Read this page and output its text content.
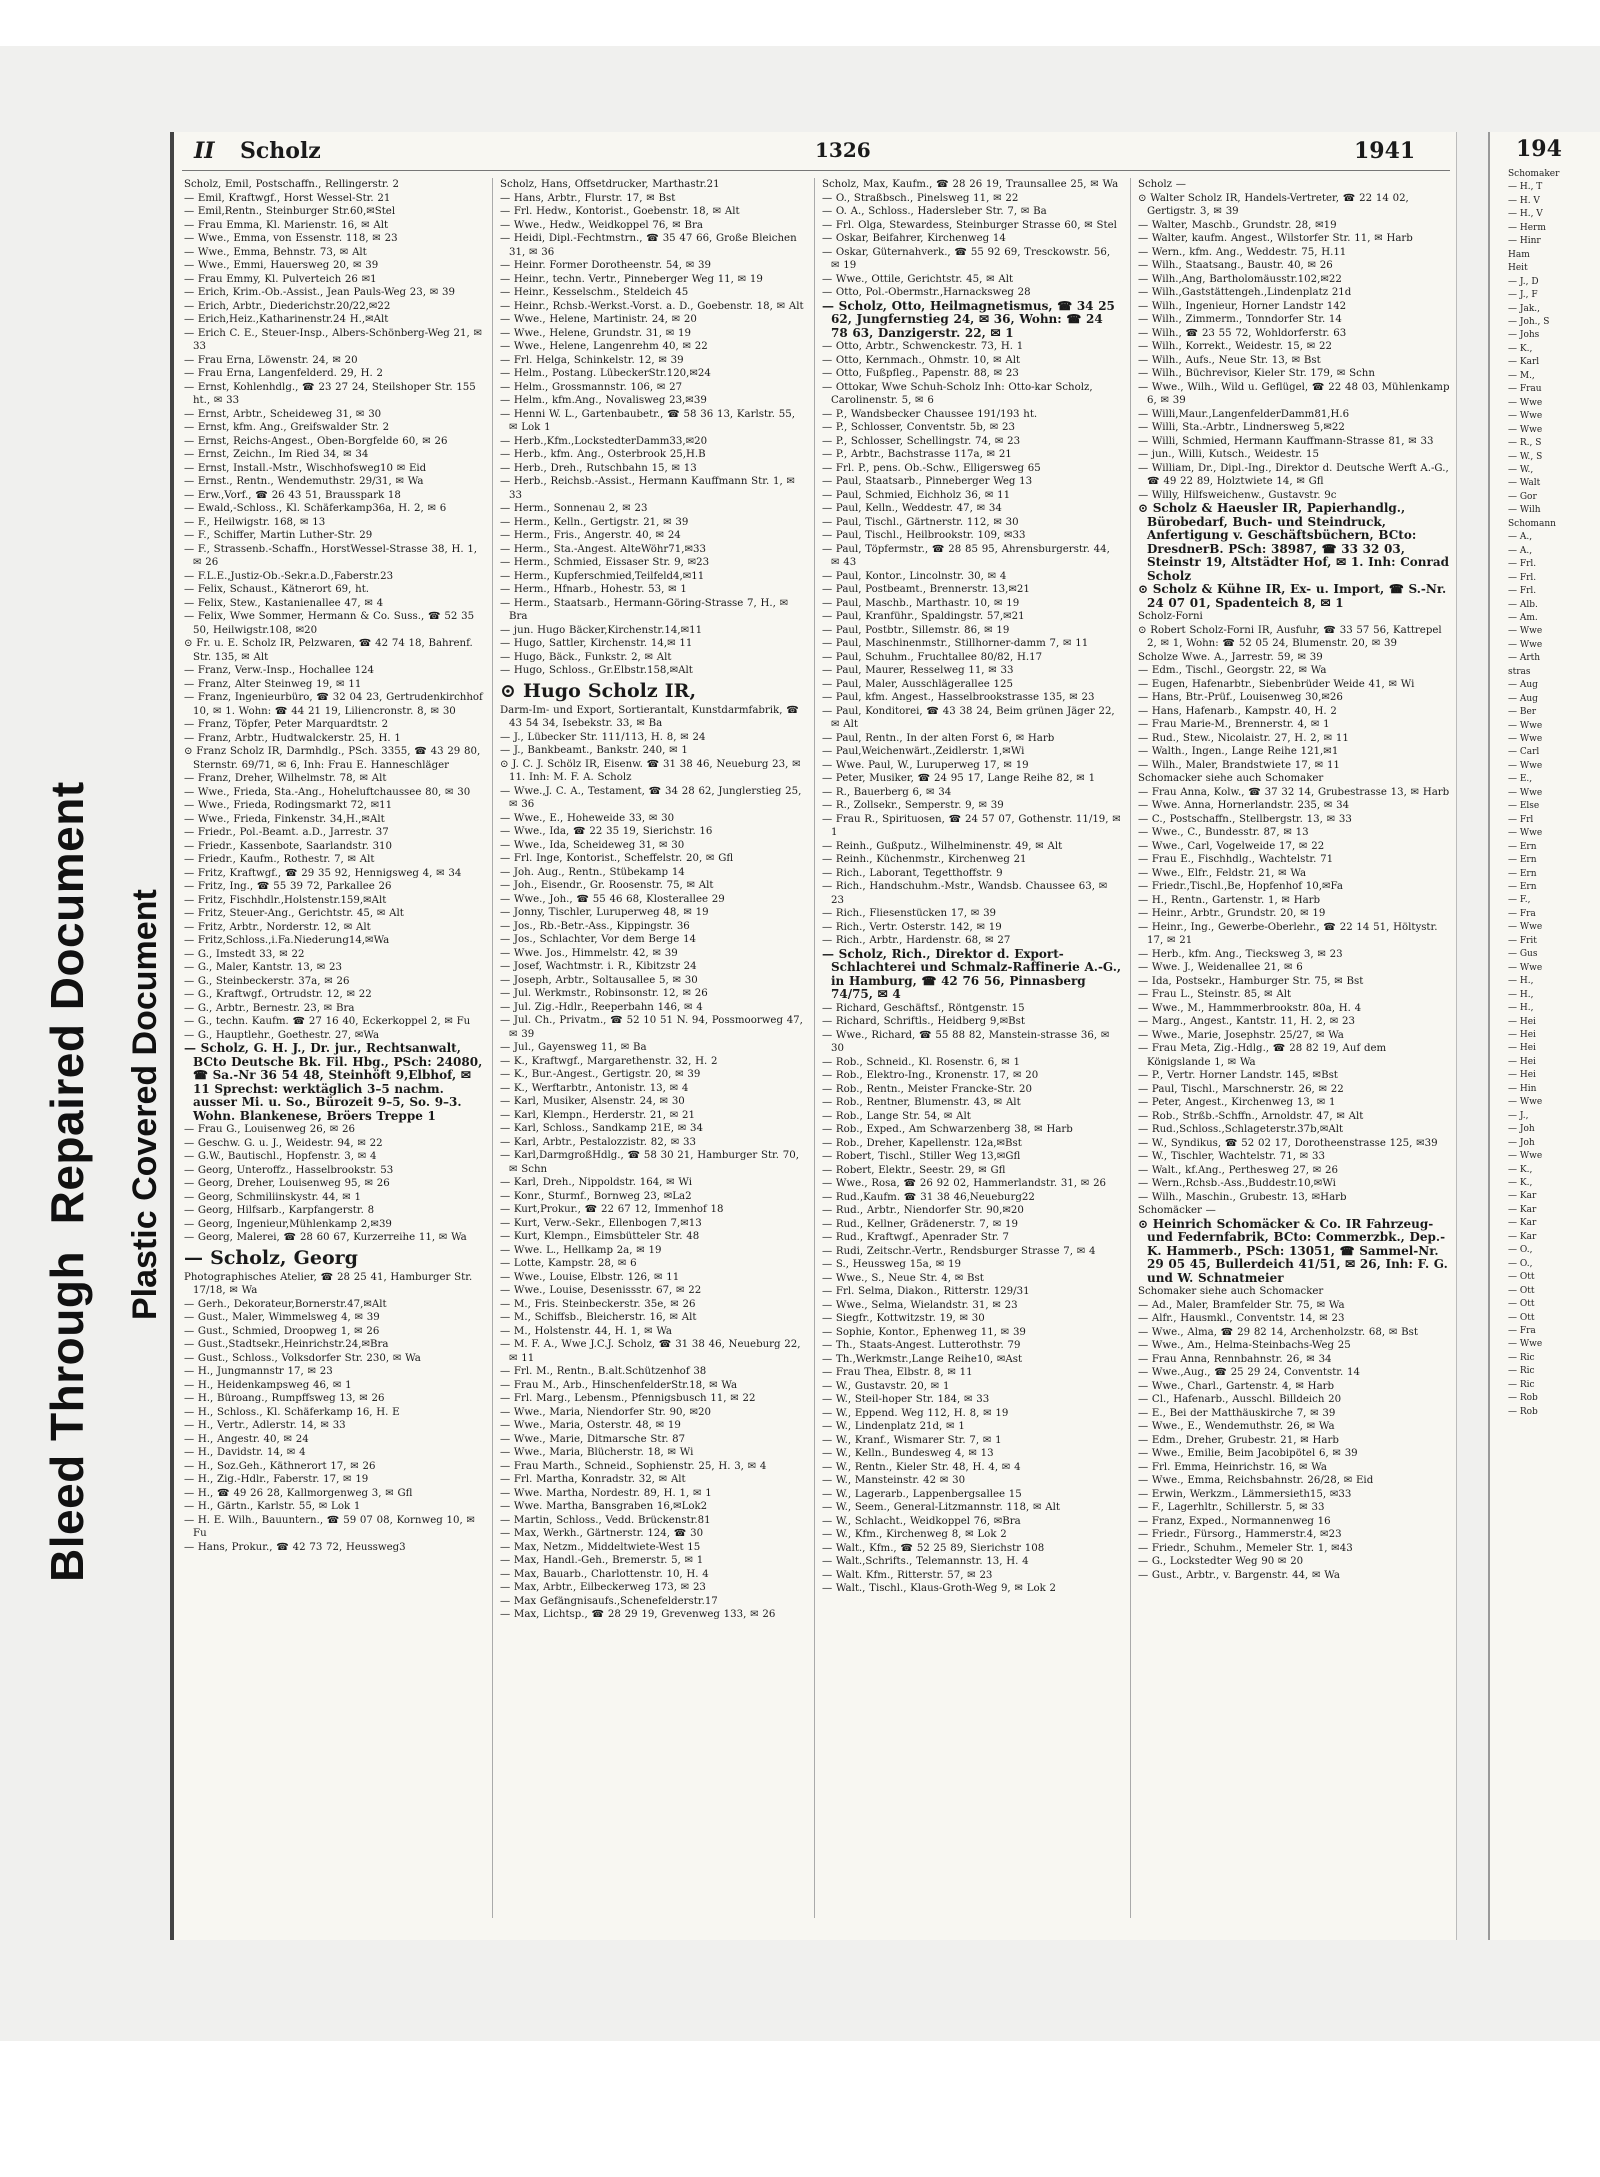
Bleed Through  Repaired Document Plastic Covered Document
II Scholz	1326	1941
Scholz, Emil, Postschaffn., Rellingerstr. 2
— Emil, Kraftwgf., Horst Wessel-Str. 21
— Emil,Rentn., Steinburger Str.60,✉Stel
— Frau Emma, Kl. Marienstr. 16, ✉ Alt
— Wwe., Emma, von Essenstr. 118, ✉ 23
— Wwe., Emma, Behnstr. 73, ✉ Alt
— Wwe., Emmi, Hauersweg 20, ✉ 39
— Frau Emmy, Kl. Pulverteich 26 ✉1
— Erich, Krim.-Ob.-Assist., Jean Pauls-Weg 23, ✉ 39
— Erich, Arbtr., Diederichstr.20/22,✉22
— Erich,Heiz.,Katharinenstr.24 H.,✉Alt
— Erich C. E., Steuer-Insp., Albers-Schönberg-Weg 21, ✉ 33
— Frau Erna, Löwenstr. 24, ✉ 20
— Frau Erna, Langenfelderd. 29, H. 2
— Ernst, Kohlenhdlg., ☎ 23 27 24, Steilshoper Str. 155 ht., ✉ 33
— Ernst, Arbtr., Scheideweg 31, ✉ 30
— Ernst, kfm. Ang., Greifswalder Str. 2
— Ernst, Reichs-Angest., Oben-Borgfelde 60, ✉ 26
— Ernst, Zeichn., Im Ried 34, ✉ 34
— Ernst, Install.-Mstr., Wischhofsweg10 ✉ Eid
— Ernst., Rentn., Wendemuthstr. 29/31, ✉ Wa
— Erw.,Vorf., ☎ 26 43 51, Brausspark 18
— Ewald,-Schloss., Kl. Schäferkamp36a, H. 2, ✉ 6
— F., Heilwigstr. 168, ✉ 13
— F., Schiffer, Martin Luther-Str. 29
— F., Strassenb.-Schaffn., HorstWessel-Strasse 38, H. 1, ✉ 26
— F.L.E.,Justiz-Ob.-Sekr.a.D.,Faberstr.23
— Felix, Schaust., Kätnerort 69, ht.
— Felix, Stew., Kastanienallee 47, ✉ 4
— Felix, Wwe Sommer, Hermann & Co. Suss., ☎ 52 35 50, Heilwigstr.108, ✉20
⊙ Fr. u. E. Scholz IR, Pelzwaren, ☎ 42 74 18, Bahrenf. Str. 135, ✉ Alt
— Franz, Verw.-Insp., Hochallee 124
— Franz, Alter Steinweg 19, ✉ 11
— Franz, Ingenieurbüro, ☎ 32 04 23, Gertrudenkirchhof 10, ✉ 1. Wohn: ☎ 44 21 19, Liliencronstr. 8, ✉ 30
— Franz, Töpfer, Peter Marquardtstr. 2
— Franz, Arbtr., Hudtwalckerstr. 25, H. 1
⊙ Franz Scholz IR, Darmhdlg., PSch. 3355, ☎ 43 29 80, Sternstr. 69/71, ✉ 6, Inh: Frau E. Hanneschläger
— Franz, Dreher, Wilhelmstr. 78, ✉ Alt
— Wwe., Frieda, Sta.-Ang., Hoheluftchaussee 80, ✉ 30
— Wwe., Frieda, Rodingsmarkt 72, ✉11
— Wwe., Frieda, Finkenstr. 34,H.,✉Alt
— Friedr., Pol.-Beamt. a.D., Jarrestr. 37
— Friedr., Kassenbote, Saarlandstr. 310
— Friedr., Kaufm., Rothestr. 7, ✉ Alt
— Fritz, Kraftwgf., ☎ 29 35 92, Hennigsweg 4, ✉ 34
— Fritz, Ing., ☎ 55 39 72, Parkallee 26
— Fritz, Fischhdlr.,Holstenstr.159,✉Alt
— Fritz, Steuer-Ang., Gerichtstr. 45, ✉ Alt
— Fritz, Arbtr., Norderstr. 12, ✉ Alt
— Fritz,Schloss.,i.Fa.Niederung14,✉Wa
— G., Imstedt 33, ✉ 22
— G., Maler, Kantstr. 13, ✉ 23
— G., Steinbeckerstr. 37a, ✉ 26
— G., Kraftwgf., Ortrudstr. 12, ✉ 22
— G., Arbtr., Bernestr. 23, ✉ Bra
— G., techn. Kaufm. ☎ 27 16 40, Eckerkoppel 2, ✉ Fu
— G., Hauptlehr., Goethestr. 27, ✉Wa
— Scholz, G. H. J., Dr. jur., Rechtsanwalt, BCto Deutsche Bk. Fil. Hbg., PSch: 24080, ☎ Sa.-Nr 36 54 48, Steinhöft 9,Elbhof, ✉ 11 Sprechst: werktäglich 3–5 nachm. ausser Mi. u. So., Bürozeit 9–5, So. 9–3. Wohn. Blankenese, Bröers Treppe 1
— Frau G., Louisenweg 26, ✉ 26
— Geschw. G. u. J., Weidestr. 94, ✉ 22
— G.W., Bautischl., Hopfenstr. 3, ✉ 4
— Georg, Unteroffz., Hasselbrookstr. 53
— Georg, Dreher, Louisenweg 95, ✉ 26
— Georg, Schmiliinskystr. 44, ✉ 1
— Georg, Hilfsarb., Karpfangerstr. 8
— Georg, Ingenieur,Mühlenkamp 2,✉39
— Georg, Malerei, ☎ 28 60 67, Kurzerreihe 11, ✉ Wa
— Scholz, Georg
Photographisches Atelier, ☎ 28 25 41, Hamburger Str. 17/18, ✉ Wa
— Gerh., Dekorateur,Bornerstr.47,✉Alt
— Gust., Maler, Wimmelsweg 4, ✉ 39
— Gust., Schmied, Droopweg 1, ✉ 26
— Gust.,Stadtsekr.,Heinrichstr.24,✉Bra
— Gust., Schloss., Volksdorfer Str. 230, ✉ Wa
— H., Jungmannstr 17, ✉ 23
— H., Heidenkampsweg 46, ✉ 1
— H., Büroang., Rumpffsweg 13, ✉ 26
— H., Schloss., Kl. Schäferkamp 16, H. E
— H., Vertr., Adlerstr. 14, ✉ 33
— H., Angestr. 40, ✉ 24
— H., Davidstr. 14, ✉ 4
— H., Soz.Geh., Käthnerort 17, ✉ 26
— H., Zig.-Hdlr., Faberstr. 17, ✉ 19
— H., ☎ 49 26 28, Kallmorgenweg 3, ✉ Gfl
— H., Gärtn., Karlstr. 55, ✉ Lok 1
— H. E. Wilh., Bauuntern., ☎ 59 07 08, Kornweg 10, ✉ Fu
— Hans, Prokur., ☎ 42 73 72, Heussweg3
Scholz, Hans, Offsetdrucker, Marthastr.21
— Hans, Arbtr., Flurstr. 17, ✉ Bst
— Frl. Hedw., Kontorist., Goebenstr. 18, ✉ Alt
— Wwe., Hedw., Weidkoppel 76, ✉ Bra
— Heidi, Dipl.-Fechtmstrn., ☎ 35 47 66, Große Bleichen 31, ✉ 36
— Heinr. Former Dorotheenstr. 54, ✉ 39
— Heinr., techn. Vertr., Pinneberger Weg 11, ✉ 19
— Heinr., Kesselschm., Steldeich 45
— Heinr., Rchsb.-Werkst.-Vorst. a. D., Goebenstr. 18, ✉ Alt
— Wwe., Helene, Martinistr. 24, ✉ 20
— Wwe., Helene, Grundstr. 31, ✉ 19
— Wwe., Helene, Langenrehm 40, ✉ 22
— Frl. Helga, Schinkelstr. 12, ✉ 39
— Helm., Postang. LübeckerStr.120,✉24
— Helm., Grossmannstr. 106, ✉ 27
— Helm., kfm.Ang., Novalisweg 23,✉39
— Henni W. L., Gartenbaubetr., ☎ 58 36 13, Karlstr. 55, ✉ Lok 1
— Herb.,Kfm.,LockstedterDamm33,✉20
— Herb., kfm. Ang., Osterbrook 25,H.B
— Herb., Dreh., Rutschbahn 15, ✉ 13
— Herb., Reichsb.-Assist., Hermann Kauffmann Str. 1, ✉ 33
— Herm., Sonnenau 2, ✉ 23
— Herm., Kelln., Gertigstr. 21, ✉ 39
— Herm., Fris., Angerstr. 40, ✉ 24
— Herm., Sta.-Angest. AlteWöhr71,✉33
— Herm., Schmied, Eissaser Str. 9, ✉23
— Herm., Kupferschmied,Teilfeld4,✉11
— Herm., Hfnarb., Hohestr. 53, ✉ 1
— Herm., Staatsarb., Hermann-Göring-Strasse 7, H., ✉ Bra
— jun. Hugo Bäcker,Kirchenstr.14,✉11
— Hugo, Sattler, Kirchenstr. 14,✉ 11
— Hugo, Bäck., Funkstr. 2, ✉ Alt
— Hugo, Schloss., Gr.Elbstr.158,✉Alt
⊙ Hugo Scholz IR,
Darm-Im- und Export, Sortierantalt, Kunstdarmfabrik, ☎ 43 54 34, Isebekstr. 33, ✉ Ba
— J., Lübecker Str. 111/113, H. 8, ✉ 24
— J., Bankbeamt., Bankstr. 240, ✉ 1
⊙ J. C. J. Schölz IR, Eisenw. ☎ 31 38 46, Neueburg 23, ✉ 11. Inh: M. F. A. Scholz
— Wwe.,J. C. A., Testament, ☎ 34 28 62, Junglerstieg 25, ✉ 36
— Wwe., E., Hoheweide 33, ✉ 30
— Wwe., Ida, ☎ 22 35 19, Sierichstr. 16
— Wwe., Ida, Scheideweg 31, ✉ 30
— Frl. Inge, Kontorist., Scheffelstr. 20, ✉ Gfl
— Joh. Aug., Rentn., Stübekamp 14
— Joh., Eisendr., Gr. Roosenstr. 75, ✉ Alt
— Wwe., Joh., ☎ 55 46 68, Klosterallee 29
— Jonny, Tischler, Luruperweg 48, ✉ 19
— Jos., Rb.-Betr.-Ass., Kippingstr. 36
— Jos., Schlachter, Vor dem Berge 14
— Wwe. Jos., Himmelstr. 42, ✉ 39
— Josef, Wachtmstr. i. R., Kibitzstr 24
— Joseph, Arbtr., Soltausallee 5, ✉ 30
— Jul. Werkmstr., Robinsonstr. 12, ✉ 26
— Jul. Zig.-Hdlr., Reeperbahn 146, ✉ 4
— Jul. Ch., Privatm., ☎ 52 10 51 N. 94, Possmoorweg 47, ✉ 39
— Jul., Gayensweg 11, ✉ Ba
— K., Kraftwgf., Margarethenstr. 32, H. 2
— K., Bur.-Angest., Gertigstr. 20, ✉ 39
— K., Werftarbtr., Antonistr. 13, ✉ 4
— Karl, Musiker, Alsenstr. 24, ✉ 30
— Karl, Klempn., Herderstr. 21, ✉ 21
— Karl, Schloss., Sandkamp 21E, ✉ 34
— Karl, Arbtr., Pestalozzistr. 82, ✉ 33
— Karl,DarmgroßHdlg., ☎ 58 30 21, Hamburger Str. 70, ✉ Schn
— Karl, Dreh., Nippoldstr. 164, ✉ Wi
— Konr., Sturmf., Bornweg 23, ✉La2
— Kurt,Prokur., ☎ 22 67 12, Immenhof 18
— Kurt, Verw.-Sekr., Ellenbogen 7,✉13
— Kurt, Klempn., Eimsbütteler Str. 48
— Wwe. L., Hellkamp 2a, ✉ 19
— Lotte, Kampstr. 28, ✉ 6
— Wwe., Louise, Elbstr. 126, ✉ 11
— Wwe., Louise, Desenissstr. 67, ✉ 22
— M., Fris. Steinbeckerstr. 35e, ✉ 26
— M., Schiffsb., Bleicherstr. 16, ✉ Alt
— M., Holstenstr. 44, H. 1, ✉ Wa
— M. F. A., Wwe J.C.J. Scholz, ☎ 31 38 46, Neueburg 22, ✉ 11
— Frl. M., Rentn., B.alt.Schützenhof 38
— Frau M., Arb., HinschenfelderStr.18, ✉ Wa
— Frl. Marg., Lebensm., Pfennigsbusch 11, ✉ 22
— Wwe., Maria, Niendorfer Str. 90, ✉20
— Wwe., Maria, Osterstr. 48, ✉ 19
— Wwe., Marie, Ditmarsche Str. 87
— Wwe., Maria, Blücherstr. 18, ✉ Wi
— Frau Marth., Schneid., Sophienstr. 25, H. 3, ✉ 4
— Frl. Martha, Konradstr. 32, ✉ Alt
— Wwe. Martha, Nordestr. 89, H. 1, ✉ 1
— Wwe. Martha, Bansgraben 16,✉Lok2
— Martin, Schloss., Vedd. Brückenstr.81
— Max, Werkh., Gärtnerstr. 124, ☎ 30
— Max, Netzm., Middeltwiete-West 15
— Max, Handl.-Geh., Bremerstr. 5, ✉ 1
— Max, Bauarb., Charlottenstr. 10, H. 4
— Max, Arbtr., Eilbeckerweg 173, ✉ 23
— Max Gefängnisaufs.,Schenefelderstr.17
— Max, Lichtsp., ☎ 28 29 19, Grevenweg 133, ✉ 26
Scholz, Max, Kaufm., ☎ 28 26 19, Traunsallee 25, ✉ Wa
— O., Straßbsch., Pinelsweg 11, ✉ 22
— O. A., Schloss., Hadersleber Str. 7, ✉ Ba
— Frl. Olga, Stewardess, Steinburger Strasse 60, ✉ Stel
— Oskar, Beifahrer, Kirchenweg 14
— Oskar, Güternahverk., ☎ 55 92 69, Tresckowstr. 56, ✉ 19
— Wwe., Ottile, Gerichtstr. 45, ✉ Alt
— Otto, Pol.-Obermstr.,Harnacksweg 28
— Scholz, Otto, Heilmagnetismus, ☎ 34 25 62, Jungfernstieg 24, ✉ 36, Wohn: ☎ 24 78 63, Danzigerstr. 22, ✉ 1
— Otto, Arbtr., Schwenckestr. 73, H. 1
— Otto, Kernmach., Ohmstr. 10, ✉ Alt
— Otto, Fußpfleg., Papenstr. 88, ✉ 23
— Ottokar, Wwe Schuh-Scholz Inh: Otto-kar Scholz, Carolinenstr. 5, ✉ 6
— P., Wandsbecker Chaussee 191/193 ht.
— P., Schlosser, Conventstr. 5b, ✉ 23
— P., Schlosser, Schellingstr. 74, ✉ 23
— P., Arbtr., Bachstrasse 117a, ✉ 21
— Frl. P., pens. Ob.-Schw., Elligersweg 65
— Paul, Staatsarb., Pinneberger Weg 13
— Paul, Schmied, Eichholz 36, ✉ 11
— Paul, Kelln., Weddestr. 47, ✉ 34
— Paul, Tischl., Gärtnerstr. 112, ✉ 30
— Paul, Tischl., Heilbrookstr. 109, ✉33
— Paul, Töpfermstr., ☎ 28 85 95, Ahrensburgerstr. 44, ✉ 43
— Paul, Kontor., Lincolnstr. 30, ✉ 4
— Paul, Postbeamt., Brennerstr. 13,✉21
— Paul, Maschb., Marthastr. 10, ✉ 19
— Paul, Kranführ., Spaldingstr. 57,✉21
— Paul, Postbtr., Sillemstr. 86, ✉ 19
— Paul, Maschinenmstr., Stillhorner-damm 7, ✉ 11
— Paul, Schuhm., Fruchtallee 80/82, H.17
— Paul, Maurer, Resselweg 11, ✉ 33
— Paul, Maler, Ausschlägerallee 125
— Paul, kfm. Angest., Hasselbrookstrasse 135, ✉ 23
— Paul, Konditorei, ☎ 43 38 24, Beim grünen Jäger 22, ✉ Alt
— Paul, Rentn., In der alten Forst 6, ✉ Harb
— Paul,Weichenwärt.,Zeidlerstr. 1,✉Wi
— Wwe. Paul, W., Luruperweg 17, ✉ 19
— Peter, Musiker, ☎ 24 95 17, Lange Reihe 82, ✉ 1
— R., Bauerberg 6, ✉ 34
— R., Zollsekr., Semperstr. 9, ✉ 39
— Frau R., Spirituosen, ☎ 24 57 07, Gothenstr. 11/19, ✉ 1
— Reinh., Gußputz., Wilhelminenstr. 49, ✉ Alt
— Reinh., Küchenmstr., Kirchenweg 21
— Rich., Laborant, Tegetthoffstr. 9
— Rich., Handschuhm.-Mstr., Wandsb. Chaussee 63, ✉ 23
— Rich., Fliesenstücken 17, ✉ 39
— Rich., Vertr. Osterstr. 142, ✉ 19
— Rich., Arbtr., Hardenstr. 68, ✉ 27
— Scholz, Rich., Direktor d. Export-Schlachterei und Schmalz-Raffinerie A.-G., in Hamburg, ☎ 42 76 56, Pinnasberg 74/75, ✉ 4
— Richard, Geschäftsf., Röntgenstr. 15
— Richard, Schriftls., Heidberg 9,✉Bst
— Wwe., Richard, ☎ 55 88 82, Manstein-strasse 36, ✉ 30
— Rob., Schneid., Kl. Rosenstr. 6, ✉ 1
— Rob., Elektro-Ing., Kronenstr. 17, ✉ 20
— Rob., Rentn., Meister Francke-Str. 20
— Rob., Rentner, Blumenstr. 43, ✉ Alt
— Rob., Lange Str. 54, ✉ Alt
— Rob., Exped., Am Schwarzenberg 38, ✉ Harb
— Rob., Dreher, Kapellenstr. 12a,✉Bst
— Robert, Tischl., Stiller Weg 13,✉Gfl
— Robert, Elektr., Seestr. 29, ✉ Gfl
— Wwe., Rosa, ☎ 26 92 02, Hammerlandstr. 31, ✉ 26
— Rud.,Kaufm. ☎ 31 38 46,Neueburg22
— Rud., Arbtr., Niendorfer Str. 90,✉20
— Rud., Kellner, Grädenerstr. 7, ✉ 19
— Rud., Kraftwgf., Apenrader Str. 7
— Rudi, Zeitschr.-Vertr., Rendsburger Strasse 7, ✉ 4
— S., Heussweg 15a, ✉ 19
— Wwe., S., Neue Str. 4, ✉ Bst
— Frl. Selma, Diakon., Ritterstr. 129/31
— Wwe., Selma, Wielandstr. 31, ✉ 23
— Siegfr., Kottwitzstr. 19, ✉ 30
— Sophie, Kontor., Ephenweg 11, ✉ 39
— Th., Staats-Angest. Lutterothstr. 79
— Th.,Werkmstr.,Lange Reihe10, ✉Ast
— Frau Thea, Elbstr. 8, ✉ 11
— W., Gustavstr. 20, ✉ 1
— W., Steil-hoper Str. 184, ✉ 33
— W., Eppend. Weg 112, H. 8, ✉ 19
— W., Lindenplatz 21d, ✉ 1
— W., Kranf., Wismarer Str. 7, ✉ 1
— W., Kelln., Bundesweg 4, ✉ 13
— W., Rentn., Kieler Str. 48, H. 4, ✉ 4
— W., Mansteinstr. 42 ✉ 30
— W., Lagerarb., Lappenbergsallee 15
— W., Seem., General-Litzmannstr. 118, ✉ Alt
— W., Schlacht., Weidkoppel 76, ✉Bra
— W., Kfm., Kirchenweg 8, ✉ Lok 2
— Walt., Kfm., ☎ 52 25 89, Sierichstr 108
— Walt.,Schrifts., Telemannstr. 13, H. 4
— Walt. Kfm., Ritterstr. 57, ✉ 23
— Walt., Tischl., Klaus-Groth-Weg 9, ✉ Lok 2
Scholz —
⊙ Walter Scholz IR, Handels-Vertreter, ☎ 22 14 02, Gertigstr. 3, ✉ 39
— Walter, Maschb., Grundstr. 28, ✉19
— Walter, kaufm. Angest., Wilstorfer Str. 11, ✉ Harb
— Wern., kfm. Ang., Weddestr. 75, H.11
— Wilh., Staatsang., Baustr. 40, ✉ 26
— Wilh.,Ang, Bartholomäusstr.102,✉22
— Wilh.,Gaststättengeh.,Lindenplatz 21d
— Wilh., Ingenieur, Horner Landstr 142
— Wilh., Zimmerm., Tonndorfer Str. 14
— Wilh., ☎ 23 55 72, Wohldorferstr. 63
— Wilh., Korrekt., Weidestr. 15, ✉ 22
— Wilh., Aufs., Neue Str. 13, ✉ Bst
— Wilh., Büchrevisor, Kieler Str. 179, ✉ Schn
— Wwe., Wilh., Wild u. Geflügel, ☎ 22 48 03, Mühlenkamp 6, ✉ 39
— Willi,Maur.,LangenfelderDamm81,H.6
— Willi, Sta.-Arbtr., Lindnersweg 5,✉22
— Willi, Schmied, Hermann Kauffmann-Strasse 81, ✉ 33
— jun., Willi, Kutsch., Weidestr. 15
— William, Dr., Dipl.-Ing., Direktor d. Deutsche Werft A.-G., ☎ 49 22 89, Holztwiete 14, ✉ Gfl
— Willy, Hilfsweichenw., Gustavstr. 9c
⊙ Scholz & Haeusler IR, Papierhandlg., Bürobedarf, Buch- und Steindruck, Anfertigung v. Geschäftsbüchern, BCto: DresdnerB. PSch: 38987, ☎ 33 32 03, Steinstr 19, Altstädter Hof, ✉ 1. Inh: Conrad Scholz
⊙ Scholz & Kühne IR, Ex- u. Import, ☎ S.-Nr. 24 07 01, Spadenteich 8, ✉ 1
Scholz-Forni
⊙ Robert Scholz-Forni IR, Ausfuhr, ☎ 33 57 56, Kattrepel 2, ✉ 1, Wohn: ☎ 52 05 24, Blumenstr. 20, ✉ 39
Scholze Wwe. A., Jarrestr. 59, ✉ 39
— Edm., Tischl., Georgstr. 22, ✉ Wa
— Eugen, Hafenarbtr., Siebenbrüder Weide 41, ✉ Wi
— Hans, Btr.-Prüf., Louisenweg 30,✉26
— Hans, Hafenarb., Kampstr. 40, H. 2
— Frau Marie-M., Brennerstr. 4, ✉ 1
— Rud., Stew., Nicolaistr. 27, H. 2, ✉ 11
— Walth., Ingen., Lange Reihe 121,✉1
— Wilh., Maler, Brandstwiete 17, ✉ 11
Schomacker siehe auch Schomaker
— Frau Anna, Kolw., ☎ 37 32 14, Grubestrasse 13, ✉ Harb
— Wwe. Anna, Hornerlandstr. 235, ✉ 34
— C., Postschaffn., Stellbergstr. 13, ✉ 33
— Wwe., C., Bundesstr. 87, ✉ 13
— Wwe., Carl, Vogelweide 17, ✉ 22
— Frau E., Fischhdlg., Wachtelstr. 71
— Wwe., Elfr., Feldstr. 21, ✉ Wa
— Friedr.,Tischl.,Be, Hopfenhof 10,✉Fa
— H., Rentn., Gartenstr. 1, ✉ Harb
— Heinr., Arbtr., Grundstr. 20, ✉ 19
— Heinr., Ing., Gewerbe-Oberlehr., ☎ 22 14 51, Höltystr. 17, ✉ 21
— Herb., kfm. Ang., Tiecksweg 3, ✉ 23
— Wwe. J., Weidenallee 21, ✉ 6
— Ida, Postsekr., Hamburger Str. 75, ✉ Bst
— Frau L., Steinstr. 85, ✉ Alt
— Wwe., M., Hammmerbrookstr. 80a, H. 4
— Marg., Angest., Kantstr. 11, H. 2, ✉ 23
— Wwe., Marie, Josephstr. 25/27, ✉ Wa
— Frau Meta, Zig.-Hdlg., ☎ 28 82 19, Auf dem Königslande 1, ✉ Wa
— P., Vertr. Horner Landstr. 145, ✉Bst
— Paul, Tischl., Marschnerstr. 26, ✉ 22
— Peter, Angest., Kirchenweg 13, ✉ 1
— Rob., Strßb.-Schffn., Arnoldstr. 47, ✉ Alt
— Rud.,Schloss.,Schlageterstr.37b,✉Alt
— W., Syndikus, ☎ 52 02 17, Dorotheenstrasse 125, ✉39
— W., Tischler, Wachtelstr. 71, ✉ 33
— Walt., kf.Ang., Perthesweg 27, ✉ 26
— Wern.,Rchsb.-Ass.,Buddestr.10,✉Wi
— Wilh., Maschin., Grubestr. 13, ✉Harb
Schomäcker —
⊙ Heinrich Schomäcker & Co. IR Fahrzeug- und Federnfabrik, BCto: Commerzbk., Dep.-K. Hammerb., PSch: 13051, ☎ Sammel-Nr. 29 05 45, Bullerdeich 41/51, ✉ 26, Inh: F. G. und W. Schnatmeier
Schomaker siehe auch Schomacker
— Ad., Maler, Bramfelder Str. 75, ✉ Wa
— Alfr., Hausmkl., Conventstr. 14, ✉ 23
— Wwe., Alma, ☎ 29 82 14, Archenholzstr. 68, ✉ Bst
— Wwe., Am., Helma-Steinbachs-Weg 25
— Frau Anna, Rennbahnstr. 26, ✉ 34
— Wwe.,Aug., ☎ 25 29 24, Conventstr. 14
— Wwe., Charl., Gartenstr. 4, ✉ Harb
— Cl., Hafenarb., Ausschl. Billdeich 20
— E., Bei der Matthäuskirche 7, ✉ 39
— Wwe., E., Wendemuthstr. 26, ✉ Wa
— Edm., Dreher, Grubestr. 21, ✉ Harb
— Wwe., Emilie, Beim Jacobipötel 6, ✉ 39
— Frl. Emma, Heinrichstr. 16, ✉ Wa
— Wwe., Emma, Reichsbahnstr. 26/28, ✉ Eid
— Erwin, Werkzm., Lämmersieth15, ✉33
— F., Lagerhltr., Schillerstr. 5, ✉ 33
— Franz, Exped., Normannenweg 16
— Friedr., Fürsorg., Hammerstr.4, ✉23
— Friedr., Schuhm., Memeler Str. 1, ✉43
— G., Lockstedter Weg 90 ✉ 20
— Gust., Arbtr., v. Bargenstr. 44, ✉ Wa
194
Schomaker
— H., T
— H. V
— H., V
— Herm
— Hinr
Ham
Heit
— J., D
— J., F
— Jak.,
— Joh., S
— Johs
— K.,
— Karl
— M.,
— Frau
— Wwe
— Wwe
— Wwe
— R., S
— W., S
— W.,
— Walt
— Gor
— Wilh
Schomann
— A.,
— A.,
— Frl.
— Frl.
— Frl.
— Alb.
— Am.
— Wwe
— Wwe
— Arth
stras
— Aug
— Aug
— Ber
— Wwe
— Wwe
— Carl
— Wwe
— E.,
— Wwe
— Else
— Frl
— Wwe
— Ern
— Ern
— Ern
— Ern
— F.,
— Fra
— Wwe
— Frit
— Gus
— Wwe
— H.,
— H.,
— H.,
— Hei
— Hei
— Hei
— Hei
— Hei
— Hin
— Wwe
— J.,
— Joh
— Joh
— Wwe
— K.,
— K.,
— Kar
— Kar
— Kar
— Kar
— O.,
— O.,
— Ott
— Ott
— Ott
— Ott
— Fra
— Wwe
— Ric
— Ric
— Ric
— Rob
— Rob
